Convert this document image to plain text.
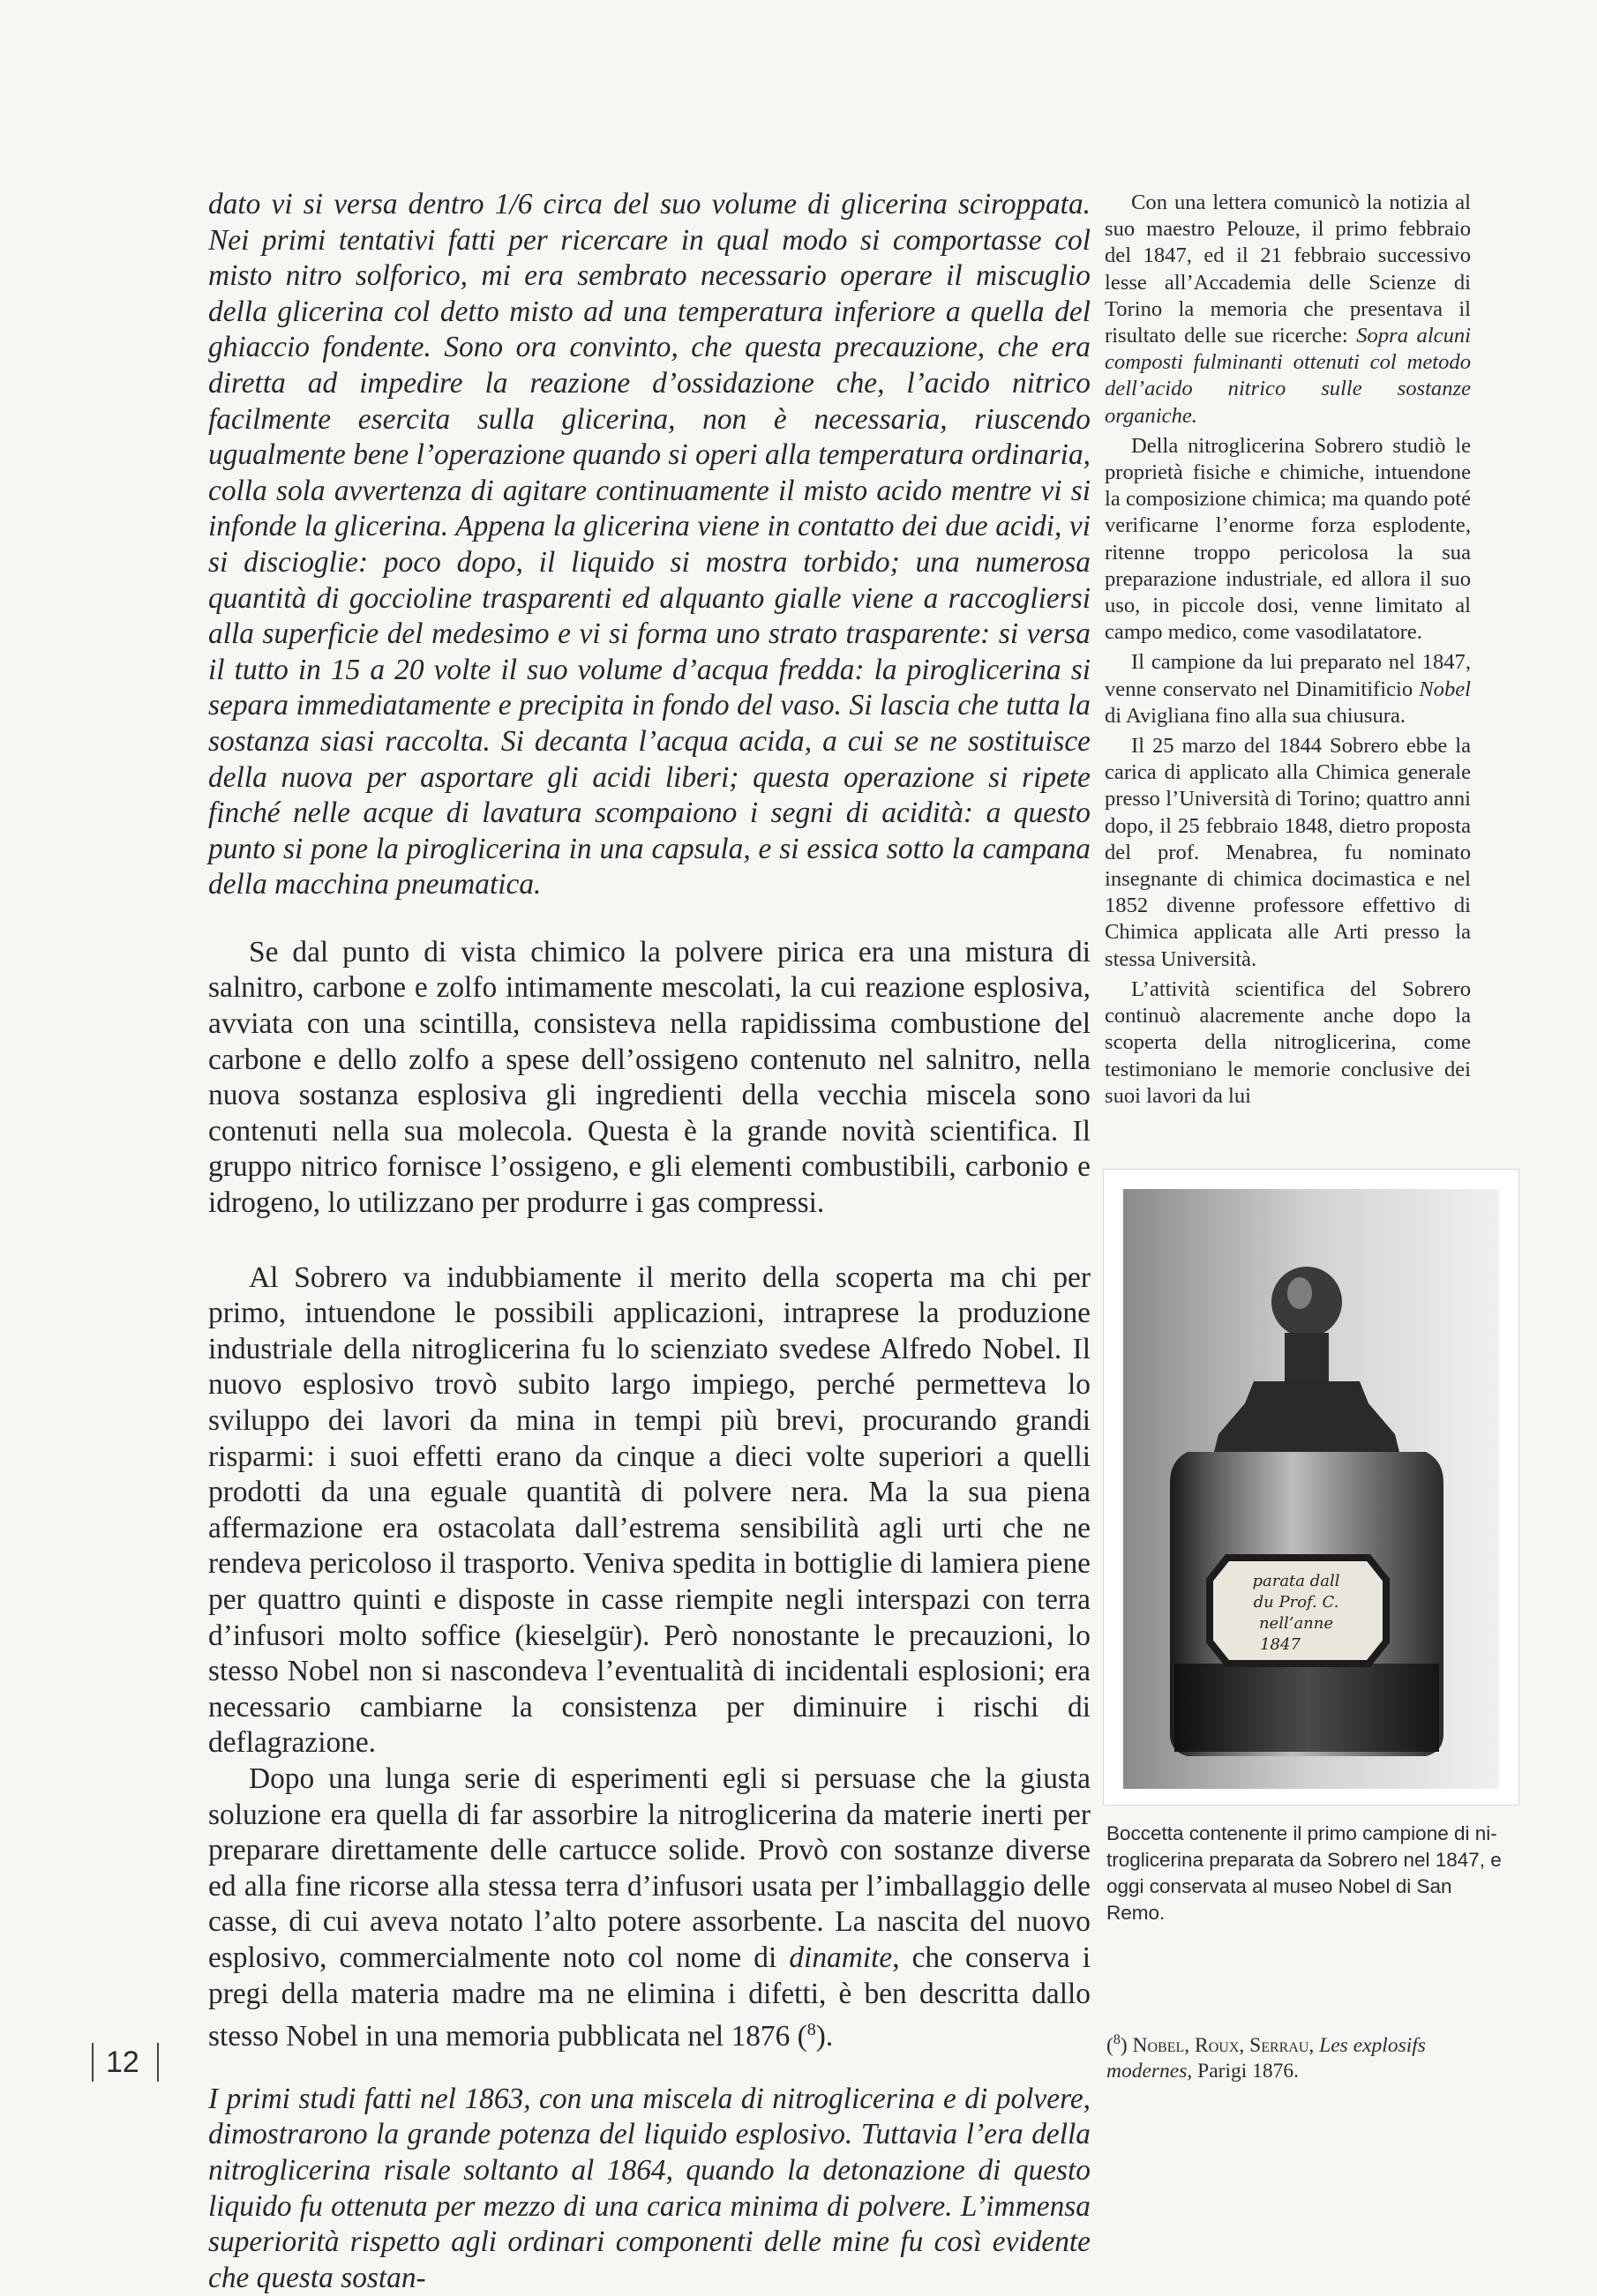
dato vi si versa dentro 1/6 circa del suo volume di glicerina sciroppata. Nei primi tentativi fatti per ricercare in qual modo si comportasse col misto nitro solforico, mi era sembrato necessario operare il miscuglio della glicerina col detto misto ad una temperatura inferiore a quella del ghiaccio fondente. Sono ora convinto, che questa precauzione, che era diretta ad impedire la reazione d’ossidazione che, l’acido nitrico facilmente esercita sulla glicerina, non è necessaria, riuscendo ugualmente bene l’operazione quando si operi alla temperatura ordinaria, colla sola avvertenza di agitare continuamente il misto acido mentre vi si infonde la glicerina. Appena la glicerina viene in contatto dei due acidi, vi si discioglie: poco dopo, il liquido si mostra torbido; una numerosa quantità di goccioline trasparenti ed alquanto gialle viene a raccogliersi alla superficie del medesimo e vi si forma uno strato trasparente: si versa il tutto in 15 a 20 volte il suo volume d’acqua fredda: la piroglicerina si separa immediatamente e precipita in fondo del vaso. Si lascia che tutta la sostanza siasi raccolta. Si decanta l’acqua acida, a cui se ne sostituisce della nuova per asportare gli acidi liberi; questa operazione si ripete finché nelle acque di lavatura scompaiono i segni di acidità: a questo punto si pone la piroglicerina in una capsula, e si essica sotto la campana della macchina pneumatica.

Se dal punto di vista chimico la polvere pirica era una mistura di salnitro, carbone e zolfo intimamente mescolati, la cui reazione esplosiva, avviata con una scintilla, consisteva nella rapidissima combustione del carbone e dello zolfo a spese dell’ossigeno contenuto nel salnitro, nella nuova sostanza esplosiva gli ingredienti della vecchia miscela sono contenuti nella sua molecola. Questa è la grande novità scientifica. Il gruppo nitrico fornisce l’ossigeno, e gli elementi combustibili, carbonio e idrogeno, lo utilizzano per produrre i gas compressi.

Al Sobrero va indubbiamente il merito della scoperta ma chi per primo, intuendone le possibili applicazioni, intraprese la produzione industriale della nitroglicerina fu lo scienziato svedese Alfredo Nobel. Il nuovo esplosivo trovò subito largo impiego, perché permetteva lo sviluppo dei lavori da mina in tempi più brevi, procurando grandi risparmi: i suoi effetti erano da cinque a dieci volte superiori a quelli prodotti da una eguale quantità di polvere nera. Ma la sua piena affermazione era ostacolata dall’estrema sensibilità agli urti che ne rendeva pericoloso il trasporto. Veniva spedita in bottiglie di lamiera piene per quattro quinti e disposte in casse riempite negli interspazi con terra d’infusori molto soffice (kieselgür). Però nonostante le precauzioni, lo stesso Nobel non si nascondeva l’eventualità di incidentali esplosioni; era necessario cambiarne la consistenza per diminuire i rischi di deflagrazione.

Dopo una lunga serie di esperimenti egli si persuase che la giusta soluzione era quella di far assorbire la nitroglicerina da materie inerti per preparare direttamente delle cartucce solide. Provò con sostanze diverse ed alla fine ricorse alla stessa terra d’infusori usata per l’imballaggio delle casse, di cui aveva notato l’alto potere assorbente. La nascita del nuovo esplosivo, commercialmente noto col nome di dinamite, che conserva i pregi della materia madre ma ne elimina i difetti, è ben descritta dallo stesso Nobel in una memoria pubblicata nel 1876 ($^8$).

I primi studi fatti nel 1863, con una miscela di nitroglicerina e di polvere, dimostrarono la grande potenza del liquido esplosivo. Tuttavia l’era della nitroglicerina risale soltanto al 1864, quando la detonazione di questo liquido fu ottenuta per mezzo di una carica minima di polvere. L’immensa superiorità rispetto agli ordinari componenti delle mine fu così evidente che questa sostan-

Con una lettera comunicò la notizia al suo maestro Pelouze, il primo febbraio del 1847, ed il 21 febbraio successivo lesse all’Accademia delle Scienze di Torino la memoria che presentava il risultato delle sue ricerche: Sopra alcuni composti fulminanti ottenuti col metodo dell’acido nitrico sulle sostanze organiche.

Della nitroglicerina Sobrero studiò le proprietà fisiche e chimiche, intuendone la composizione chimica; ma quando poté verificarne l’enorme forza esplodente, ritenne troppo pericolosa la sua preparazione industriale, ed allora il suo uso, in piccole dosi, venne limitato al campo medico, come vasodilatatore.

Il campione da lui preparato nel 1847, venne conservato nel Dinamitificio Nobel di Avigliana fino alla sua chiusura.

Il 25 marzo del 1844 Sobrero ebbe la carica di applicato alla Chimica generale presso l’Università di Torino; quattro anni dopo, il 25 febbraio 1848, dietro proposta del prof. Menabrea, fu nominato insegnante di chimica docimastica e nel 1852 divenne professore effettivo di Chimica applicata alle Arti presso la stessa Università.

L’attività scientifica del Sobrero continuò alacremente anche dopo la scoperta della nitroglicerina, come testimoniano le memorie conclusive dei suoi lavori da lui

parata dall
du Prof. C.
nell’anne
1847

Boccetta contenente il primo campione di ni-

troglicerina preparata da Sobrero nel 1847, e

oggi conservata al museo Nobel di San Remo.

($^8$) Nobel, Roux, Serrau, Les explosifs modernes, Parigi 1876.
12
